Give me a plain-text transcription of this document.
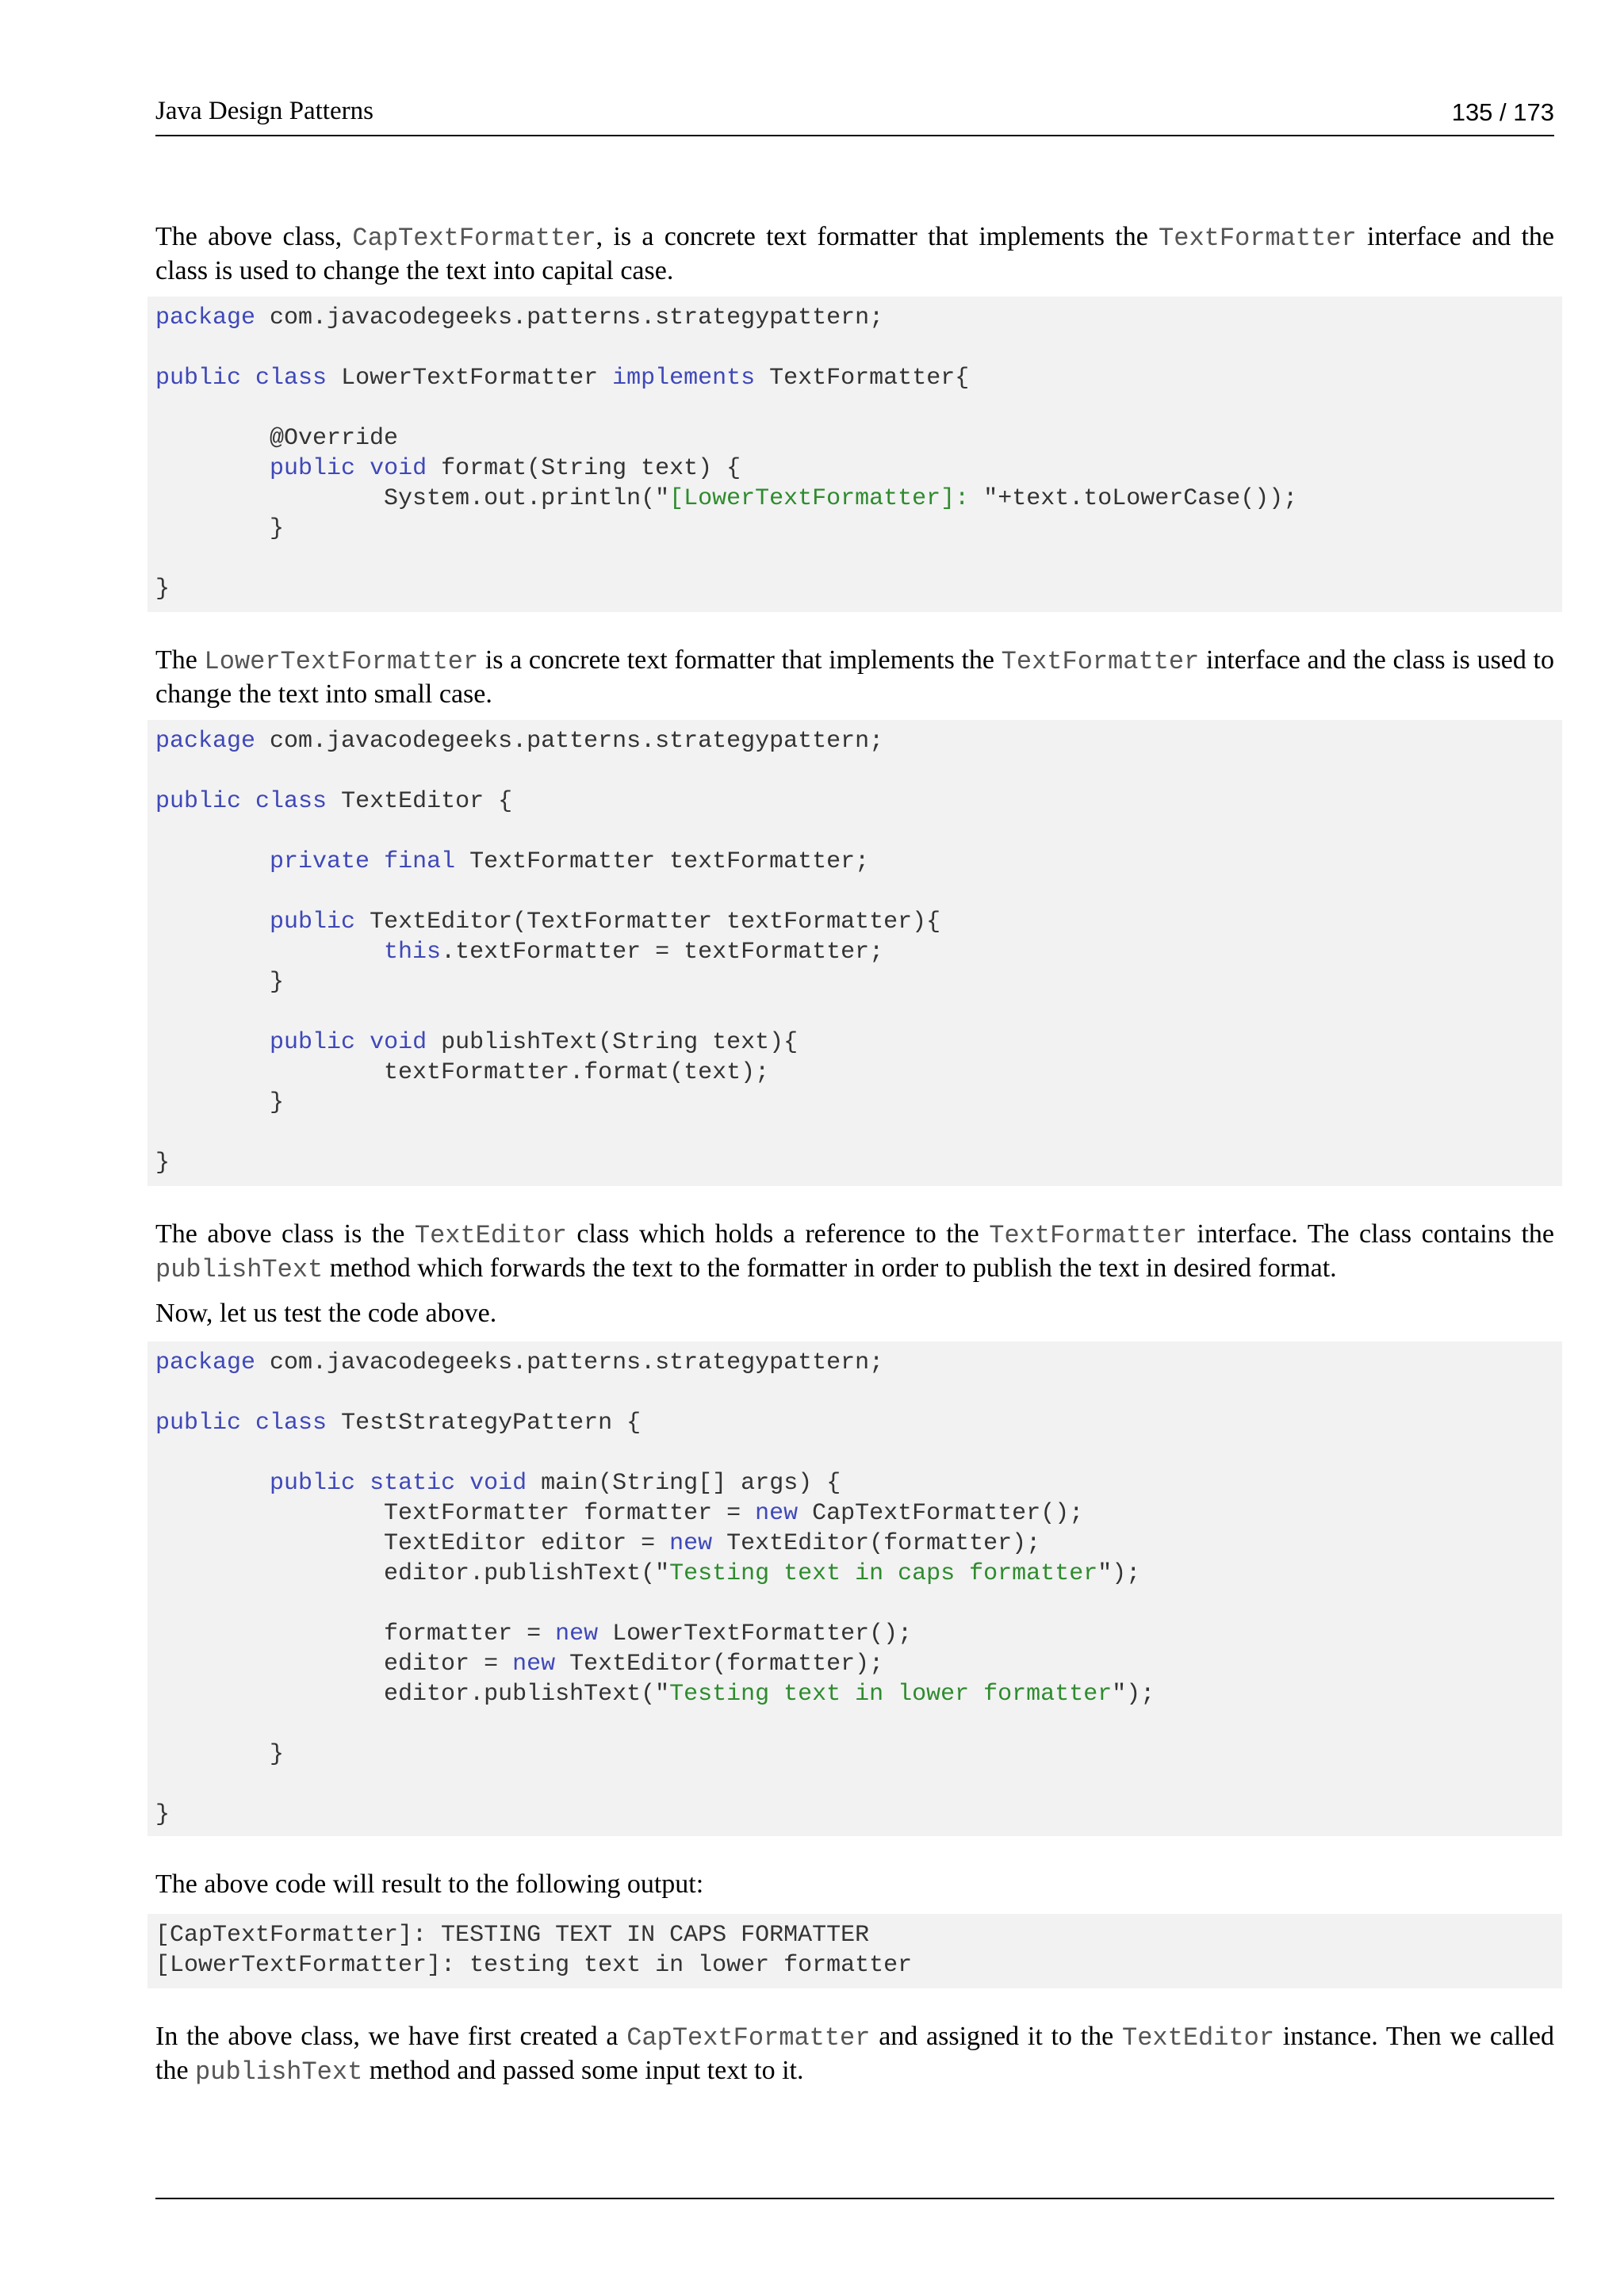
Java Design Patterns	135 / 173

The above class, CapTextFormatter, is a concrete text formatter that implements the TextFormatter interface and the class is used to change the text into capital case.

package com.javacodegeeks.patterns.strategypattern;

public class LowerTextFormatter implements TextFormatter{

@Override
public void format(String text) {
System.out.println("[LowerTextFormatter]: "+text.toLowerCase());
}

}

The LowerTextFormatter is a concrete text formatter that implements the TextFormatter interface and the class is used to change the text into small case.

package com.javacodegeeks.patterns.strategypattern;

public class TextEditor {

private final TextFormatter textFormatter;

public TextEditor(TextFormatter textFormatter){
this.textFormatter = textFormatter;
}

public void publishText(String text){
textFormatter.format(text);
}

}

The above class is the TextEditor class which holds a reference to the TextFormatter interface. The class contains the publishText method which forwards the text to the formatter in order to publish the text in desired format.

Now, let us test the code above.

package com.javacodegeeks.patterns.strategypattern;

public class TestStrategyPattern {

public static void main(String[] args) {
TextFormatter formatter = new CapTextFormatter();
TextEditor editor = new TextEditor(formatter);
editor.publishText("Testing text in caps formatter");

formatter = new LowerTextFormatter();
editor = new TextEditor(formatter);
editor.publishText("Testing text in lower formatter");

}

}

The above code will result to the following output:

[CapTextFormatter]: TESTING TEXT IN CAPS FORMATTER
[LowerTextFormatter]: testing text in lower formatter

In the above class, we have first created a CapTextFormatter and assigned it to the TextEditor instance. Then we called the publishText method and passed some input text to it.
